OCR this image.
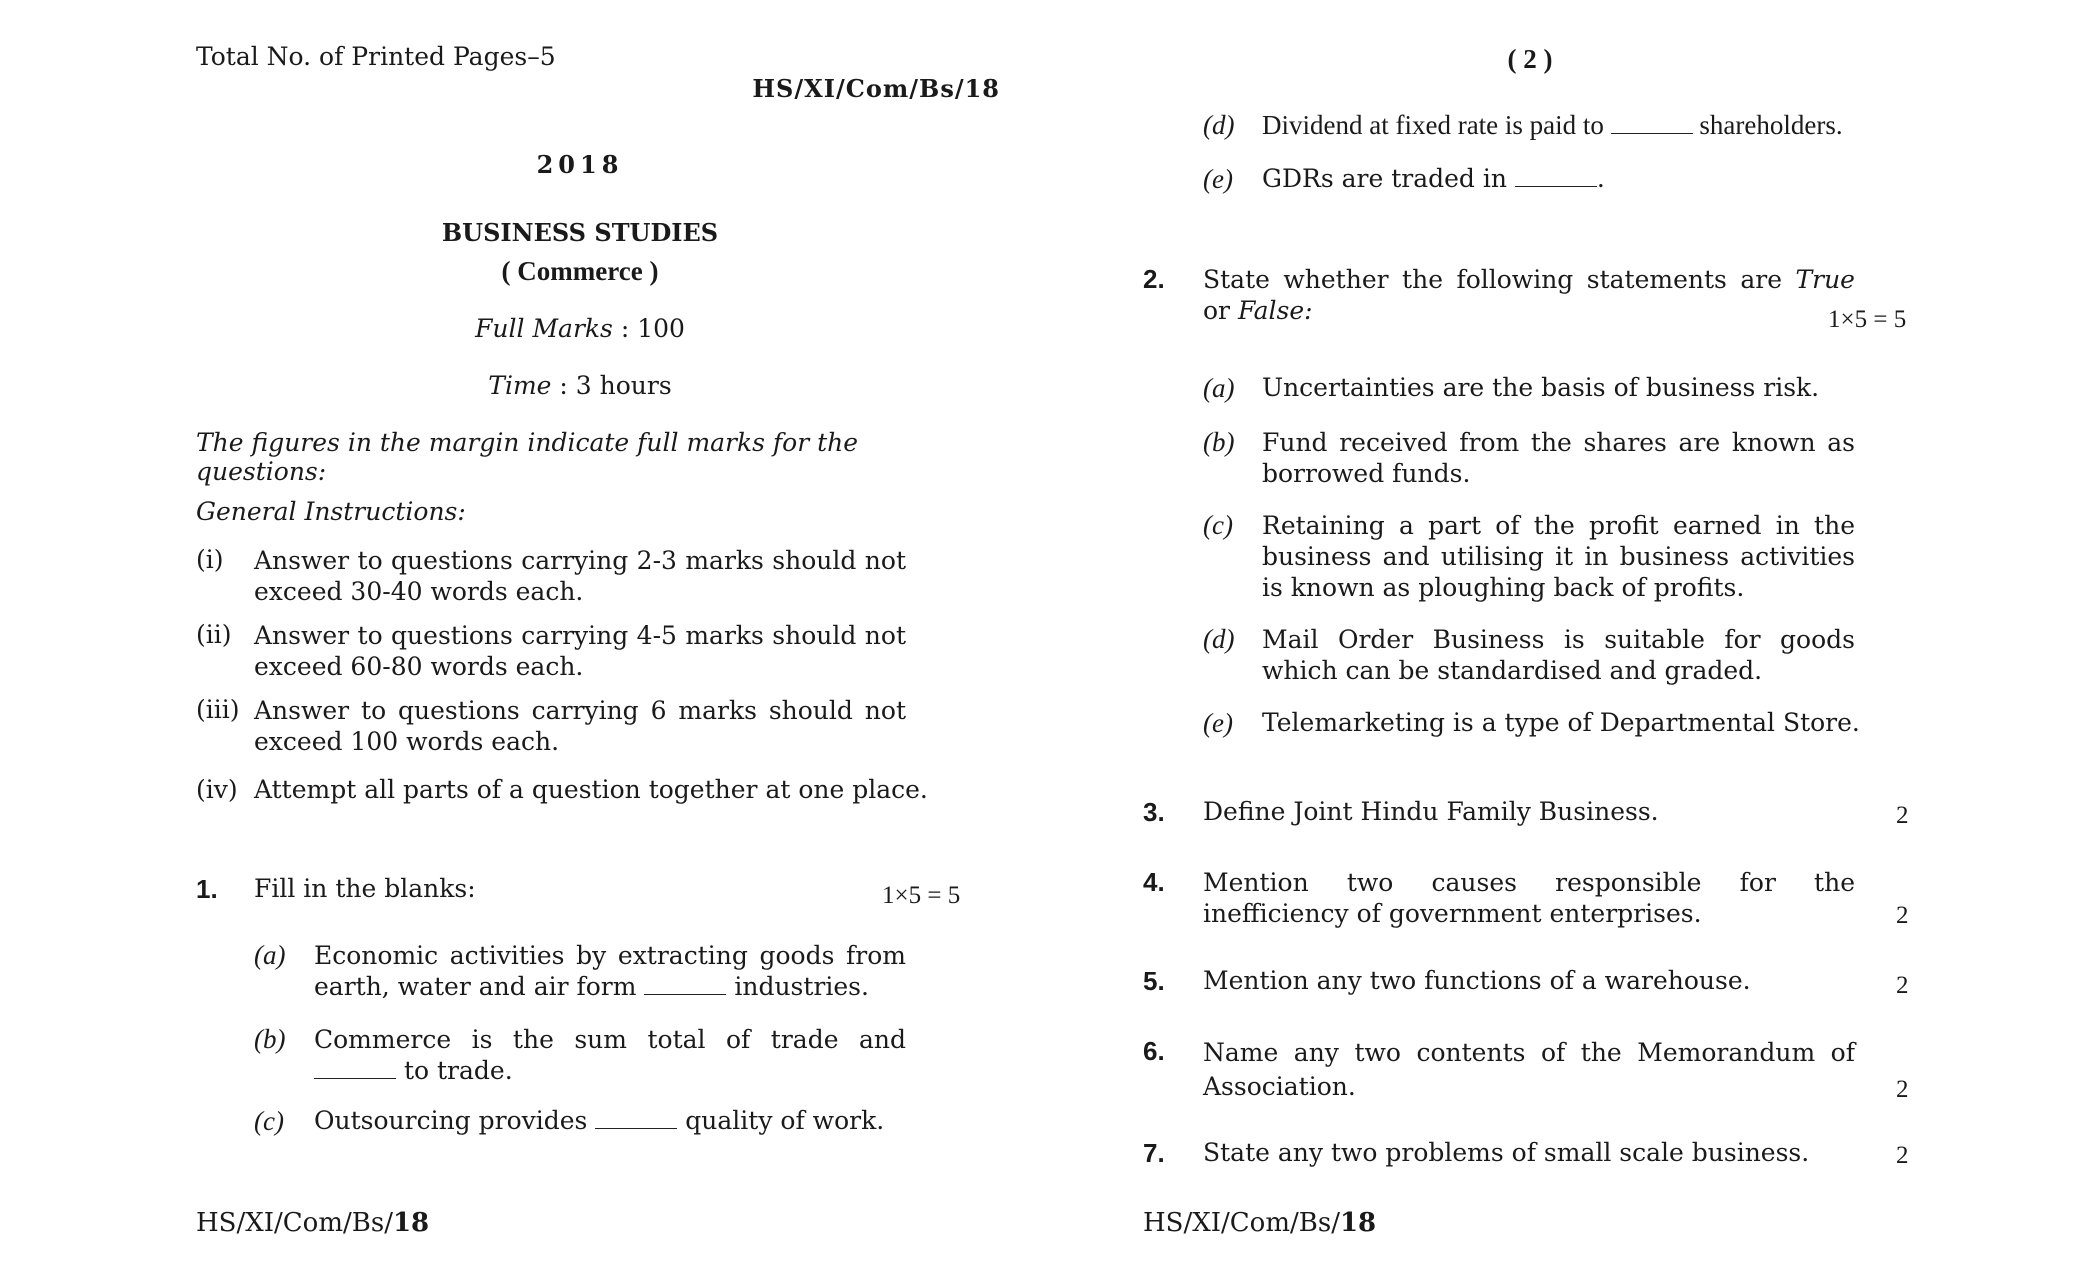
Total No. of Printed Pages–5
HS/XI/Com/Bs/18
2018
BUSINESS STUDIES
( Commerce )
Full Marks : 100
Time : 3 hours
The figures in the margin indicate full marks for the questions:
General Instructions:
(i) Answer to questions carrying 2-3 marks should not exceed 30-40 words each.
(ii) Answer to questions carrying 4-5 marks should not exceed 60-80 words each.
(iii) Answer to questions carrying 6 marks should not exceed 100 words each.
(iv) Attempt all parts of a question together at one place.
1. Fill in the blanks:	1×5 = 5
(a) Economic activities by extracting goods from earth, water and air form	industries.
(b) Commerce is the sum total of trade and  to trade.
(c) Outsourcing provides	quality of work.
HS/XI/Com/Bs/18
( 2 )
(d) Dividend at fixed rate is paid to	shareholders.
(e) GDRs are traded in	.
2. State whether the following statements are True or False:	1×5 = 5
(a) Uncertainties are the basis of business risk.
(b) Fund received from the shares are known as borrowed funds.
(c) Retaining a part of the profit earned in the business and utilising it in business activities is known as ploughing back of profits.
(d) Mail Order Business is suitable for goods which can be standardised and graded.
(e) Telemarketing is a type of Departmental Store.
3. Define Joint Hindu Family Business.	2
4. Mention two causes responsible for the inefficiency of government enterprises.	2
5. Mention any two functions of a warehouse.	2
6. Name any two contents of the Memorandum of Association.	2
7. State any two problems of small scale business.	2
HS/XI/Com/Bs/18
